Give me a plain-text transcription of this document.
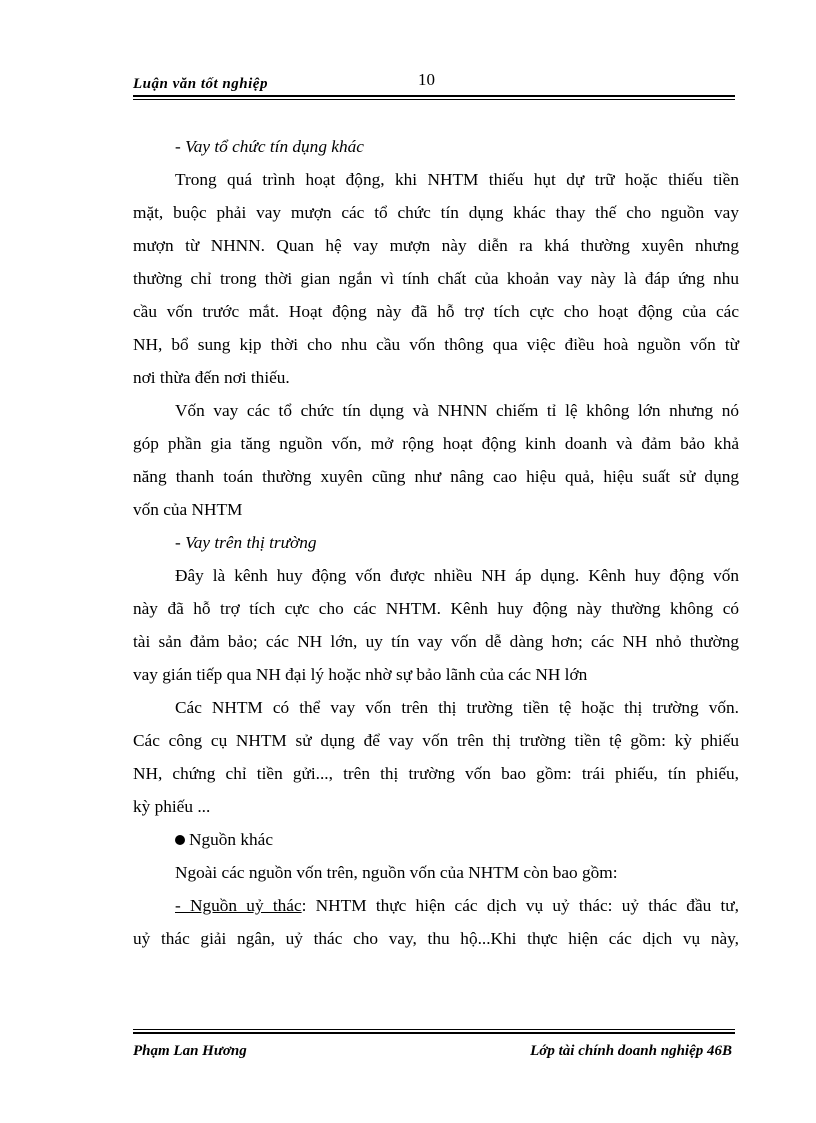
Luận văn tốt nghiệp	10
- Vay tổ chức tín dụng khác
Trong quá trình hoạt động, khi NHTM thiếu hụt dự trữ hoặc thiếu tiền
mặt, buộc phải vay mượn các tổ chức tín dụng khác thay thế cho nguồn vay
mượn từ NHNN. Quan hệ vay mượn này diễn ra khá thường xuyên nhưng
thường chỉ trong thời gian ngắn vì tính chất của khoản vay này là đáp ứng nhu
cầu vốn trước mắt. Hoạt động này đã hỗ trợ tích cực cho hoạt động của các
NH, bổ sung kịp thời cho nhu cầu vốn thông qua việc điều hoà nguồn vốn từ
nơi thừa đến nơi thiếu.
Vốn vay các tổ chức tín dụng và NHNN chiếm tỉ lệ không lớn nhưng nó
góp phần gia tăng nguồn vốn, mở rộng hoạt động kinh doanh và đảm bảo khả
năng thanh toán thường xuyên cũng như nâng cao hiệu quả, hiệu suất sử dụng
vốn của NHTM
- Vay trên thị trường
Đây là kênh huy động vốn được nhiều NH áp dụng. Kênh huy động vốn
này đã hỗ trợ tích cực cho các NHTM. Kênh huy động này thường không có
tài sản đảm bảo; các NH lớn, uy tín vay vốn dễ dàng hơn; các NH nhỏ thường
vay gián tiếp qua NH đại lý hoặc nhờ sự bảo lãnh của các NH lớn
Các NHTM có thể vay vốn trên thị trường tiền tệ hoặc thị trường vốn.
Các công cụ NHTM sử dụng để vay vốn trên thị trường tiền tệ gồm: kỳ phiếu
NH, chứng chỉ tiền gửi..., trên thị trường vốn bao gồm: trái phiếu, tín phiếu,
kỳ phiếu ...
Nguồn khác
Ngoài các nguồn vốn trên, nguồn vốn của NHTM còn bao gồm:
- Nguồn uỷ thác: NHTM thực hiện các dịch vụ uỷ thác: uỷ thác đầu tư,
uỷ thác giải ngân, uỷ thác cho vay, thu hộ...Khi thực hiện các dịch vụ này,
Phạm Lan Hương	Lớp tài chính doanh nghiệp 46B
